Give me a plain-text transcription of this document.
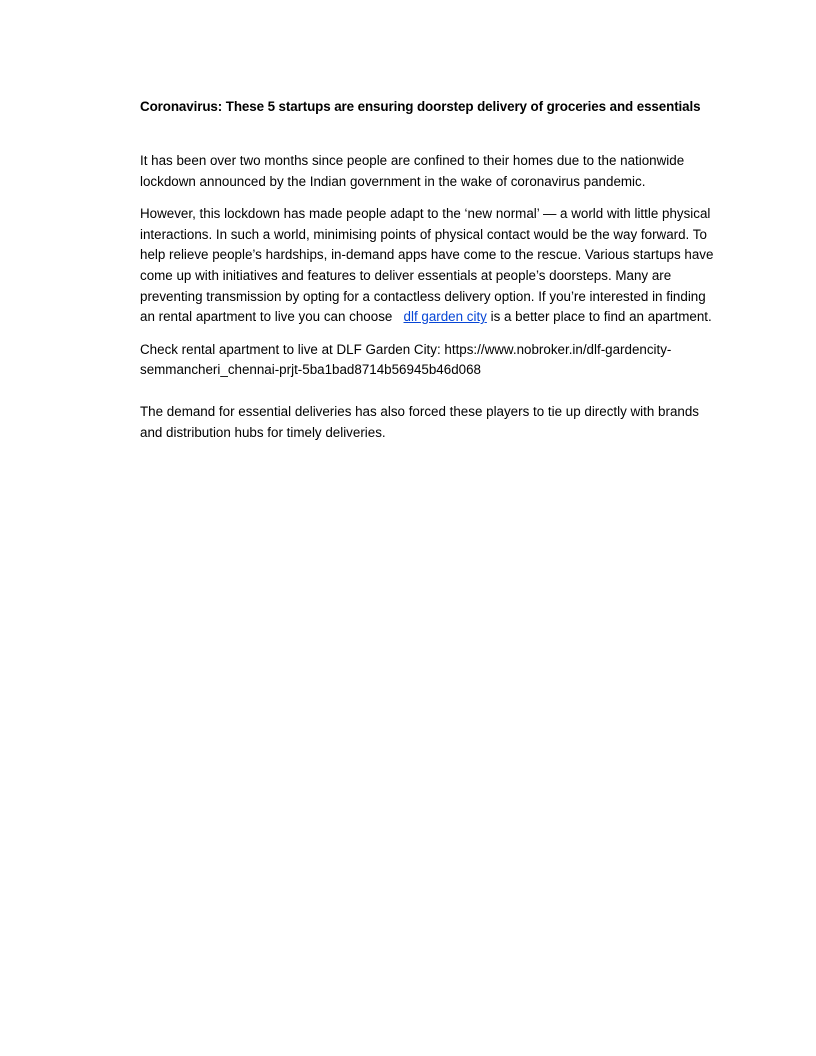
Coronavirus: These 5 startups are ensuring doorstep delivery of groceries and essentials

It has been over two months since people are confined to their homes due to the nationwide lockdown announced by the Indian government in the wake of coronavirus pandemic.

However, this lockdown has made people adapt to the ‘new normal’ — a world with little physical interactions. In such a world, minimising points of physical contact would be the way forward. To help relieve people’s hardships, in-demand apps have come to the rescue. Various startups have come up with initiatives and features to deliver essentials at people’s doorsteps. Many are preventing transmission by opting for a contactless delivery option. If you’re interested in finding an rental apartment to live you can choose dlf garden city is a better place to find an apartment.

Check rental apartment to live at DLF Garden City: https://www.nobroker.in/dlf-gardencity-semmancheri_chennai-prjt-5ba1bad8714b56945b46d068

The demand for essential deliveries has also forced these players to tie up directly with brands and distribution hubs for timely deliveries.
